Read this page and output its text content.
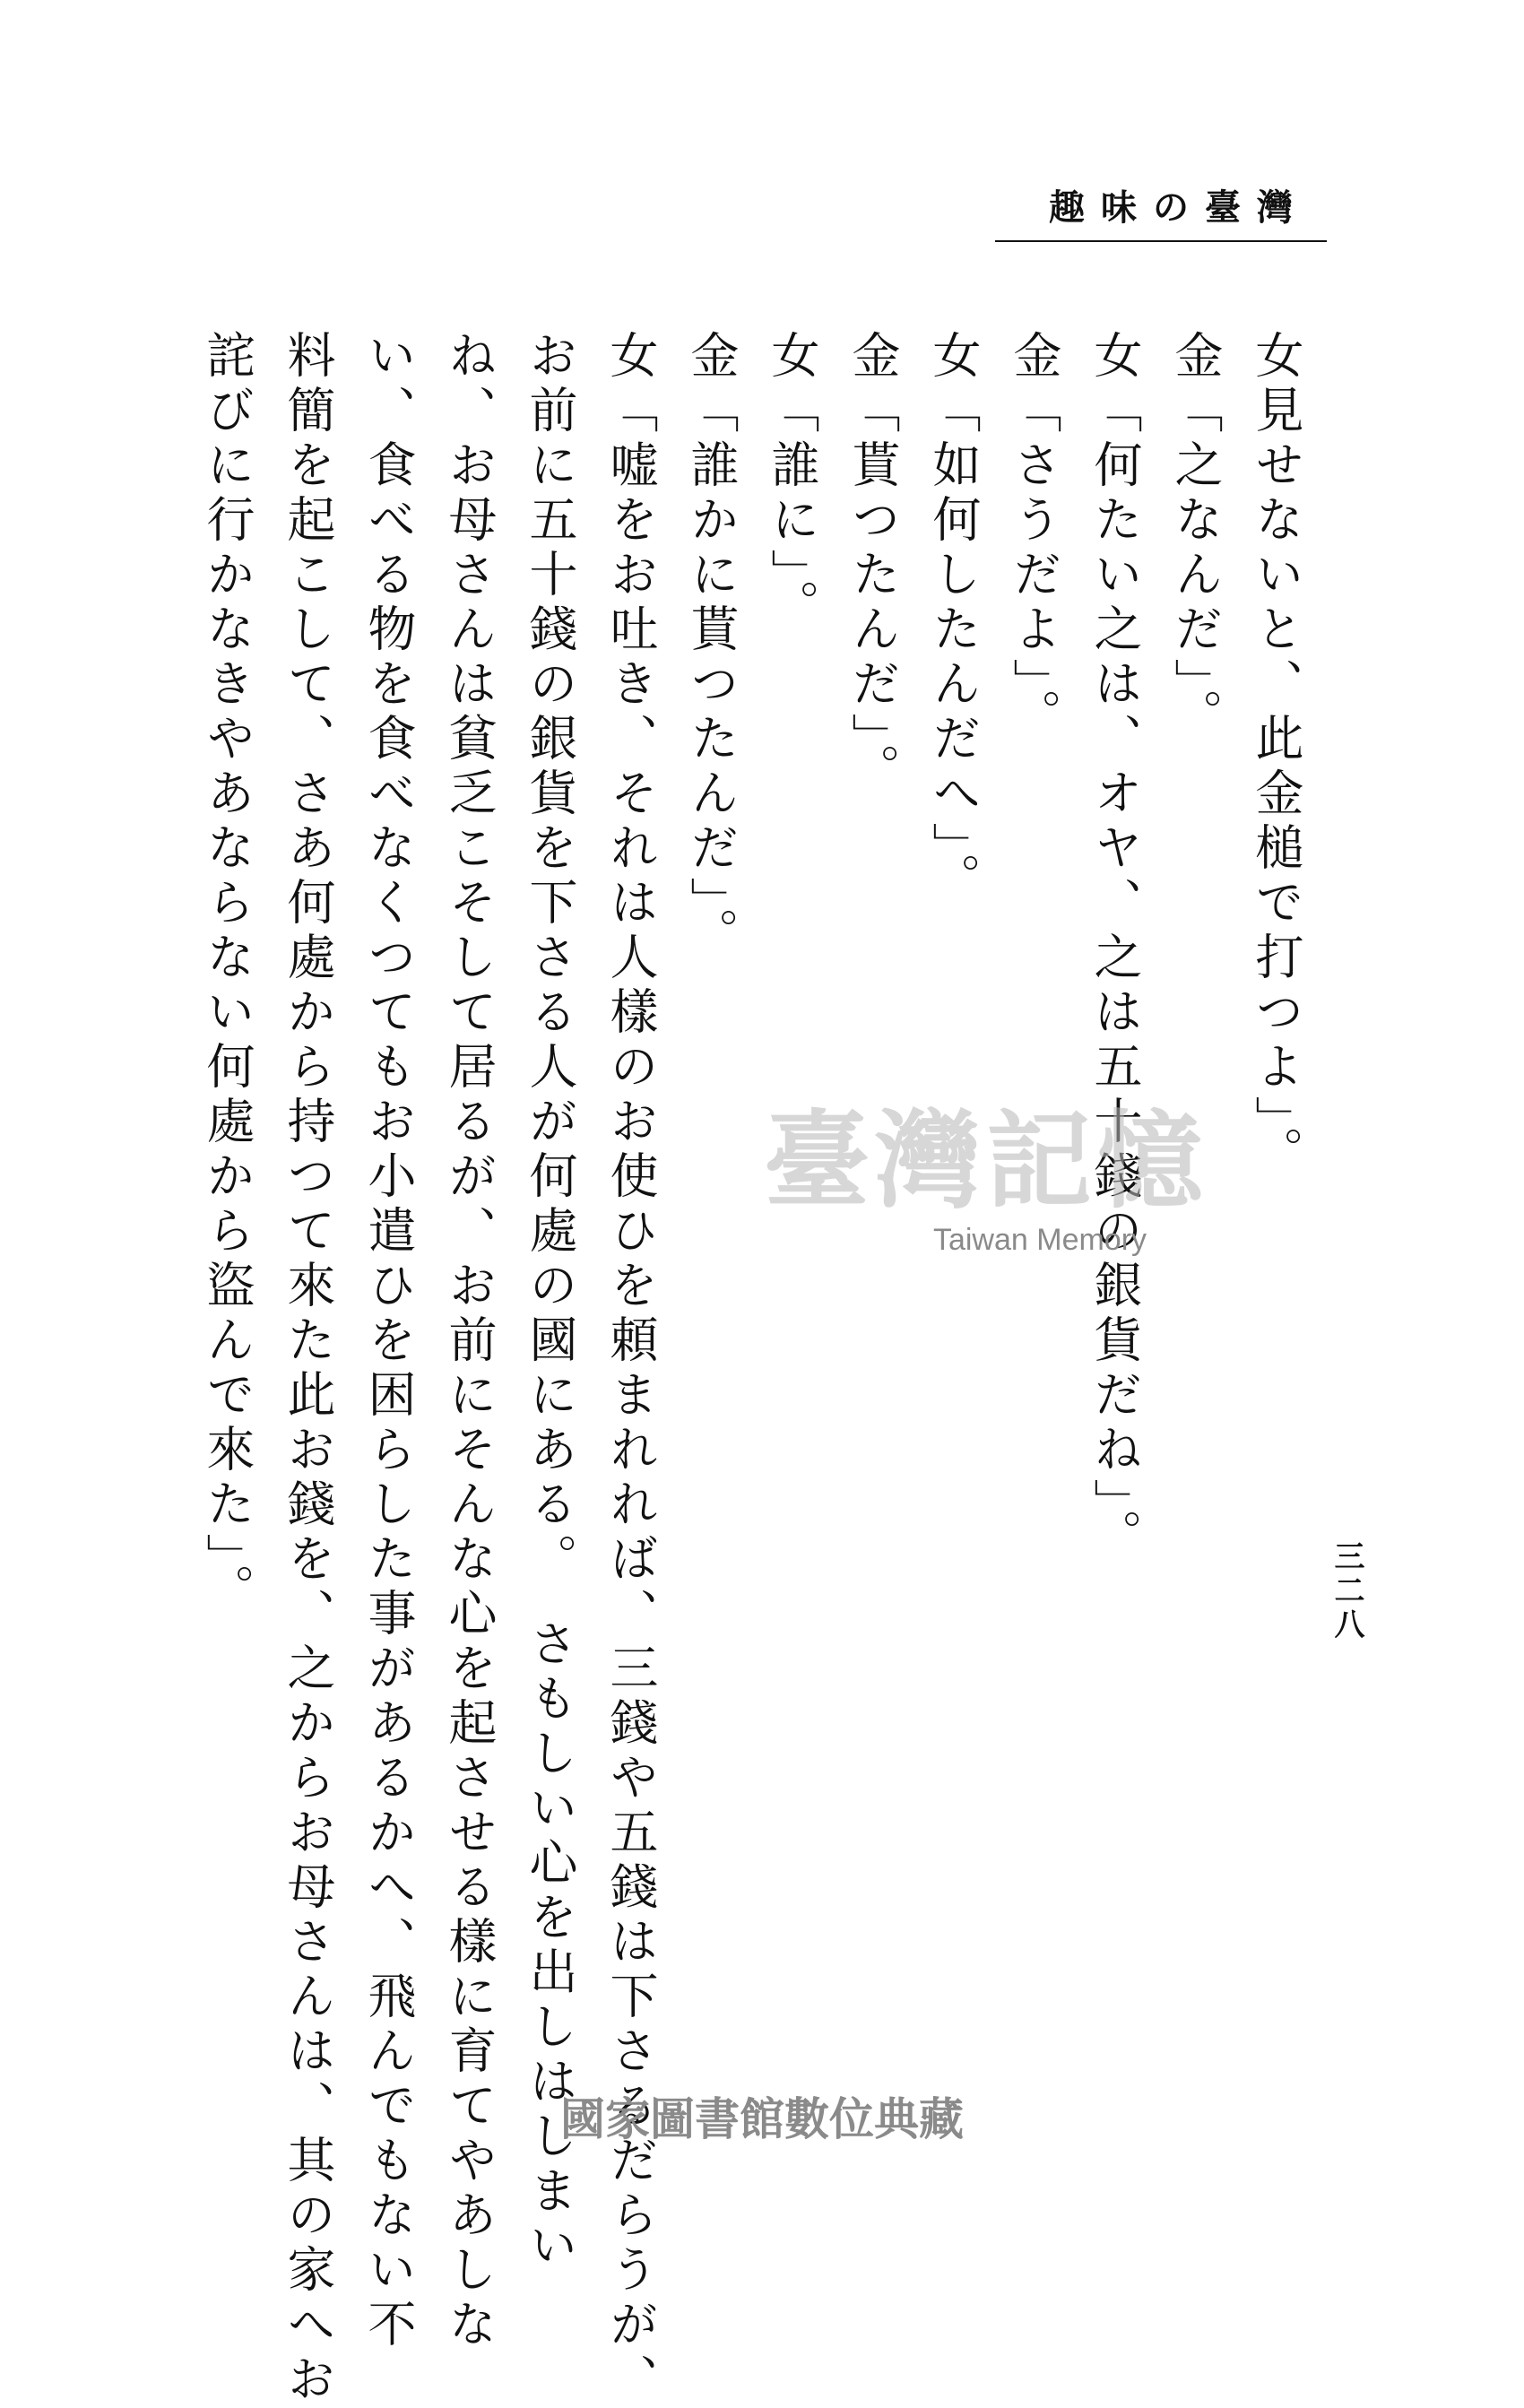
趣味の臺灣
三二八
女見せないと、此金槌で打つよ」。
金「之なんだ」。
女「何たい之は、オヤ、之は五十錢の銀貨だね」。
金「さうだよ」。
女「如何したんだへ」。
金「貰つたんだ」。
女「誰に」。
金「誰かに貰つたんだ」。
女「嘘をお吐き、それは人樣のお使ひを頼まれれば、三錢や五錢は下さるだらうが、
お前に五十錢の銀貨を下さる人が何處の國にある。　さもしい心を出しはしまい
ね、お母さんは貧乏こそして居るが、お前にそんな心を起させる樣に育てやあしな
い、食べる物を食べなくつてもお小遣ひを困らした事があるかへ、飛んでもない不
料簡を起こして、さあ何處から持つて來た此お錢を、之からお母さんは、其の家へお
詫びに行かなきやあならない何處から盜んで來た」。	臺灣記憶
Taiwan Memory
國家圖書館數位典藏
